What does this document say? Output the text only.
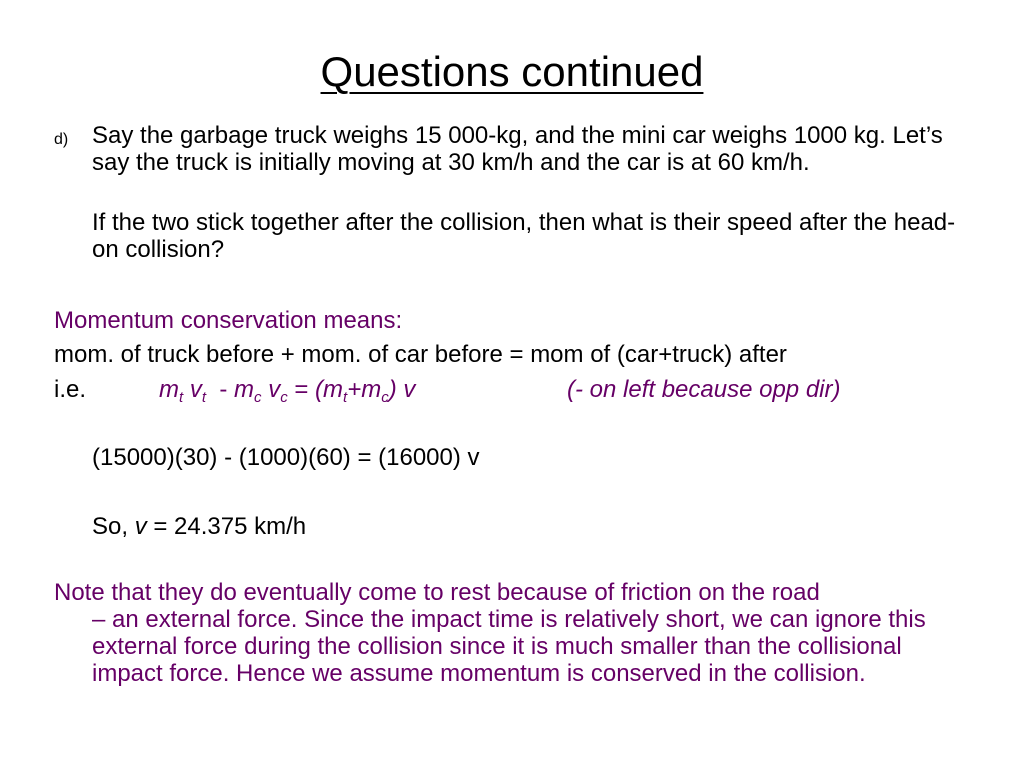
Questions continued
d) Say the garbage truck weighs 15 000-kg, and the mini car weighs 1000 kg. Let’s say the truck is initially moving at 30 km/h and the car is at 60 km/h.
If the two stick together after the collision, then what is their speed after the head-on collision?
Momentum conservation means:
mom. of truck before + mom. of car before = mom of (car+truck) after
i.e.	$m_t$ $v_t - m_c$ $v_c = (m_t+m_c)$ v	(- on left because opp dir)
(15000)(30) - (1000)(60) = (16000) v
So, v = 24.375 km/h
Note that they do eventually come to rest because of friction on the road
– an external force. Since the impact time is relatively short, we can ignore this external force during the collision since it is much smaller than the collisional impact force. Hence we assume momentum is conserved in the collision.
